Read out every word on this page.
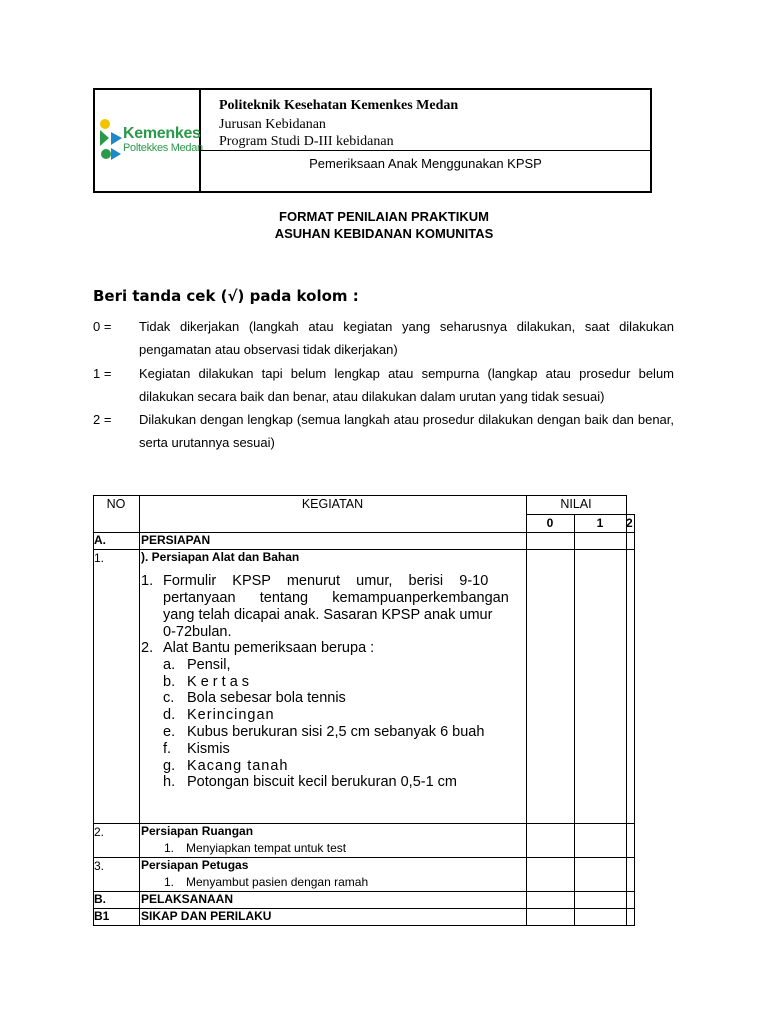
Kemenkes
Poltekkes Medan
Politeknik Kesehatan Kemenkes Medan
Jurusan Kebidanan
Program Studi D-III kebidanan
Pemeriksaan Anak Menggunakan KPSP
FORMAT PENILAIAN PRAKTIKUM
ASUHAN KEBIDANAN KOMUNITAS
Beri tanda cek (√) pada kolom :
0 = Tidak dikerjakan (langkah atau kegiatan yang seharusnya dilakukan, saat dilakukan pengamatan atau observasi tidak dikerjakan)
1 = Kegiatan dilakukan tapi belum lengkap atau sempurna (langkap atau prosedur belum dilakukan secara baik dan benar, atau dilakukan dalam urutan yang tidak sesuai)
2 = Dilakukan dengan lengkap (semua langkah atau prosedur dilakukan dengan baik dan benar, serta urutannya sesuai)
NO	KEGIATAN	NILAI
0	1	2
A.	PERSIAPAN
1.	). Persiapan Alat dan Bahan
1. Formulir    KPSP    menurut    umur,    berisi    9-10
pertanyaan      tentang      kemampuanperkembangan
yang telah dicapai anak. Sasaran KPSP anak umur
0-72bulan.
2. Alat Bantu pemeriksaan berupa :
a. Pensil,
b. K e r t a s
c. Bola sebesar bola tennis
d. Kerincingan
e. Kubus berukuran sisi 2,5 cm sebanyak 6 buah
f. Kismis
g. Kacang tanah
h. Potongan biscuit kecil berukuran 0,5-1 cm
2.	Persiapan Ruangan
1. Menyiapkan tempat untuk test
3.	Persiapan Petugas
1. Menyambut pasien dengan ramah
B.	PELAKSANAAN
B1	SIKAP DAN PERILAKU
